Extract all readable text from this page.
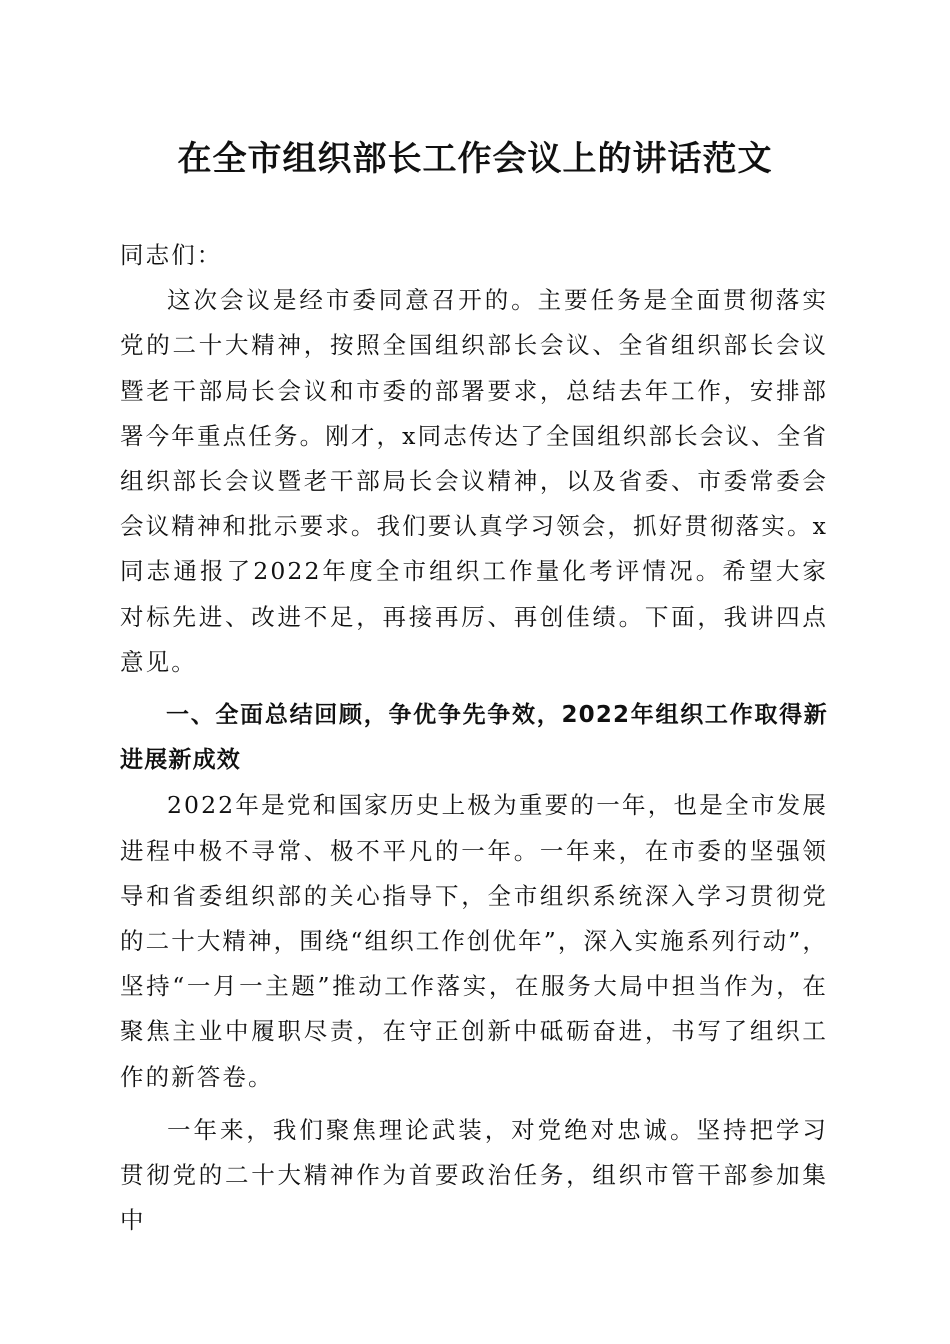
在全市组织部长工作会议上的讲话范文

同志们：

这次会议是经市委同意召开的。主要任务是全面贯彻落实党的二十大精神，按照全国组织部长会议、全省组织部长会议暨老干部局长会议和市委的部署要求，总结去年工作，安排部署今年重点任务。刚才，x同志传达了全国组织部长会议、全省组织部长会议暨老干部局长会议精神，以及省委、市委常委会会议精神和批示要求。我们要认真学习领会，抓好贯彻落实。x同志通报了2022年度全市组织工作量化考评情况。希望大家对标先进、改进不足，再接再厉、再创佳绩。下面，我讲四点意见。

一、全面总结回顾，争优争先争效，2022年组织工作取得新进展新成效

2022年是党和国家历史上极为重要的一年，也是全市发展进程中极不寻常、极不平凡的一年。一年来，在市委的坚强领导和省委组织部的关心指导下，全市组织系统深入学习贯彻党的二十大精神，围绕“组织工作创优年”，深入实施系列行动”，坚持“一月一主题”推动工作落实，在服务大局中担当作为，在聚焦主业中履职尽责，在守正创新中砥砺奋进，书写了组织工作的新答卷。

一年来，我们聚焦理论武装，对党绝对忠诚。坚持把学习贯彻党的二十大精神作为首要政治任务，组织市管干部参加集中
